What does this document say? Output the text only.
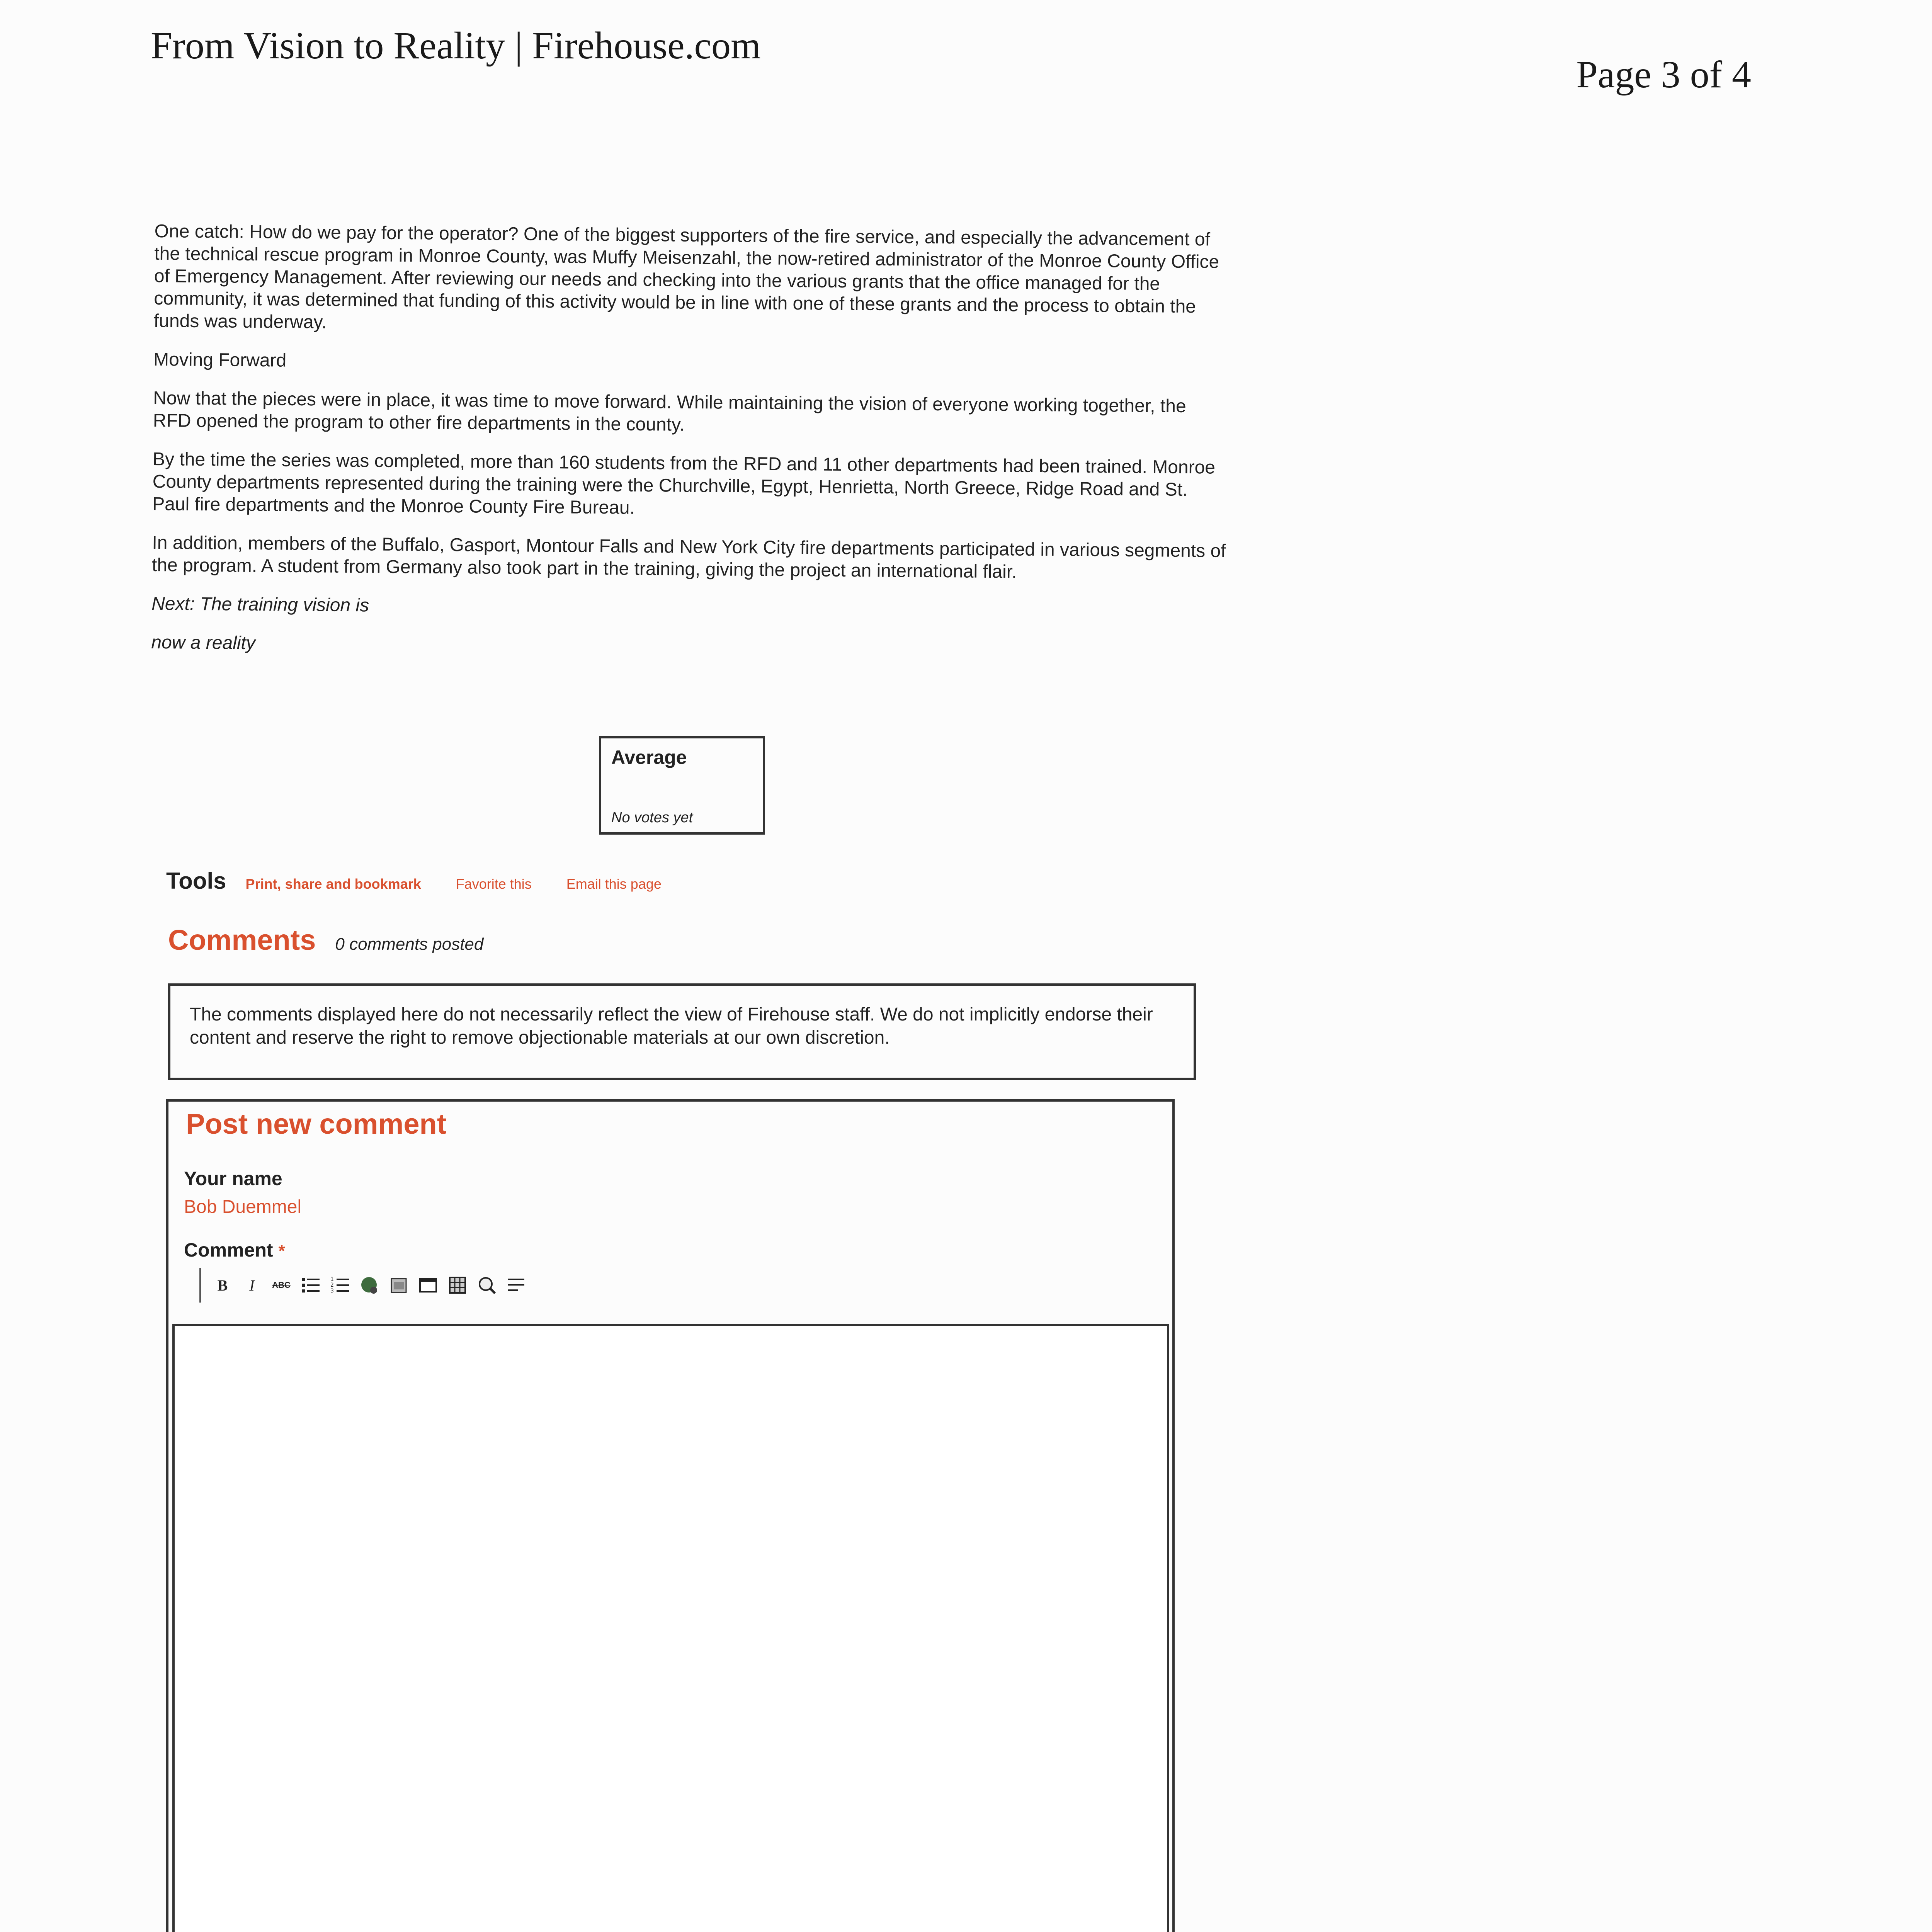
From Vision to Reality | Firehouse.com
Page 3 of 4

One catch: How do we pay for the operator? One of the biggest supporters of the fire service, and especially the advancement of the technical rescue program in Monroe County, was Muffy Meisenzahl, the now-retired administrator of the Monroe County Office of Emergency Management. After reviewing our needs and checking into the various grants that the office managed for the community, it was determined that funding of this activity would be in line with one of these grants and the process to obtain the funds was underway.

Moving Forward

Now that the pieces were in place, it was time to move forward. While maintaining the vision of everyone working together, the RFD opened the program to other fire departments in the county.

By the time the series was completed, more than 160 students from the RFD and 11 other departments had been trained. Monroe County departments represented during the training were the Churchville, Egypt, Henrietta, North Greece, Ridge Road and St. Paul fire departments and the Monroe County Fire Bureau.

In addition, members of the Buffalo, Gasport, Montour Falls and New York City fire departments participated in various segments of the program. A student from Germany also took part in the training, giving the project an international flair.

Next: The training vision is

now a reality

Average
No votes yet
Tools Print, share and bookmark	Favorite this	Email this page
Comments 0 comments posted
The comments displayed here do not necessarily reflect the view of Firehouse staff. We do not implicitly endorse their content and reserve the right to remove objectionable materials at our own discretion.
Post new comment
Your name
Bob Duemmel
Comment *
B	I	ABC
1
2
3
